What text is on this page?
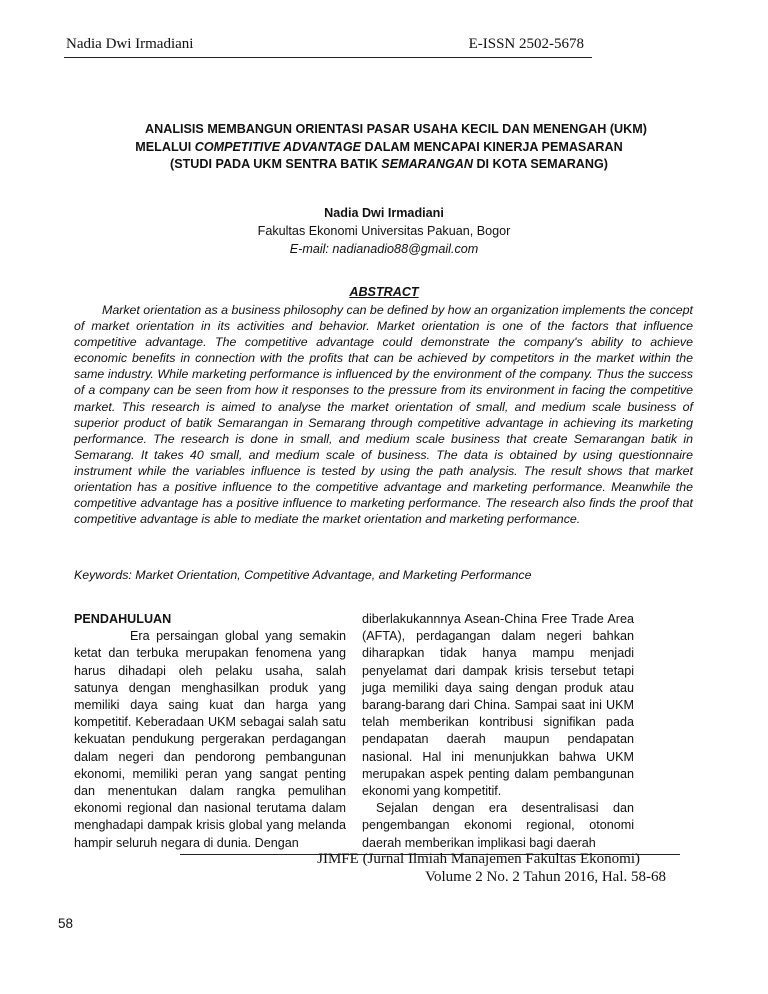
Nadia Dwi Irmadiani	E-ISSN 2502-5678
ANALISIS MEMBANGUN ORIENTASI PASAR USAHA KECIL DAN MENENGAH (UKM)
MELALUI COMPETITIVE ADVANTAGE DALAM MENCAPAI KINERJA PEMASARAN
(STUDI PADA UKM SENTRA BATIK SEMARANGAN DI KOTA SEMARANG)
Nadia Dwi Irmadiani
Fakultas Ekonomi Universitas Pakuan, Bogor
E-mail: nadianadio88@gmail.com
ABSTRACT

Market orientation as a business philosophy can be defined by how an organization implements the concept of market orientation in its activities and behavior. Market orientation is one of the factors that influence competitive advantage. The competitive advantage could demonstrate the company's ability to achieve economic benefits in connection with the profits that can be achieved by competitors in the market within the same industry. While marketing performance is influenced by the environment of the company. Thus the success of a company can be seen from how it responses to the pressure from its environment in facing the competitive market. This research is aimed to analyse the market orientation of small, and medium scale business of superior product of batik Semarangan in Semarang through competitive advantage in achieving its marketing performance. The research is done in small, and medium scale business that create Semarangan batik in Semarang. It takes 40 small, and medium scale of business. The data is obtained by using questionnaire instrument while the variables influence is tested by using the path analysis. The result shows that market orientation has a positive influence to the competitive advantage and marketing performance. Meanwhile the competitive advantage has a positive influence to marketing performance. The research also finds the proof that competitive advantage is able to mediate the market orientation and marketing performance.

Keywords: Market Orientation, Competitive Advantage, and Marketing Performance
PENDAHULUAN

Era persaingan global yang semakin ketat dan terbuka merupakan fenomena yang harus dihadapi oleh pelaku usaha, salah satunya dengan menghasilkan produk yang memiliki daya saing kuat dan harga yang kompetitif. Keberadaan UKM sebagai salah satu kekuatan pendukung pergerakan perdagangan dalam negeri dan pendorong pembangunan ekonomi, memiliki peran yang sangat penting dan menentukan dalam rangka pemulihan ekonomi regional dan nasional terutama dalam menghadapi dampak krisis global yang melanda hampir seluruh negara di dunia. Dengan

diberlakukannnya Asean-China Free Trade Area (AFTA), perdagangan dalam negeri bahkan diharapkan tidak hanya mampu menjadi penyelamat dari dampak krisis tersebut tetapi juga memiliki daya saing dengan produk atau barang-barang dari China. Sampai saat ini UKM telah memberikan kontribusi signifikan pada pendapatan daerah maupun pendapatan nasional. Hal ini menunjukkan bahwa UKM merupakan aspek penting dalam pembangunan ekonomi yang kompetitif.

Sejalan dengan era desentralisasi dan pengembangan ekonomi regional, otonomi daerah memberikan implikasi bagi daerah

JIMFE (Jurnal Ilmiah Manajemen Fakultas Ekonomi)
Volume 2 No. 2 Tahun 2016, Hal. 58-68
58
